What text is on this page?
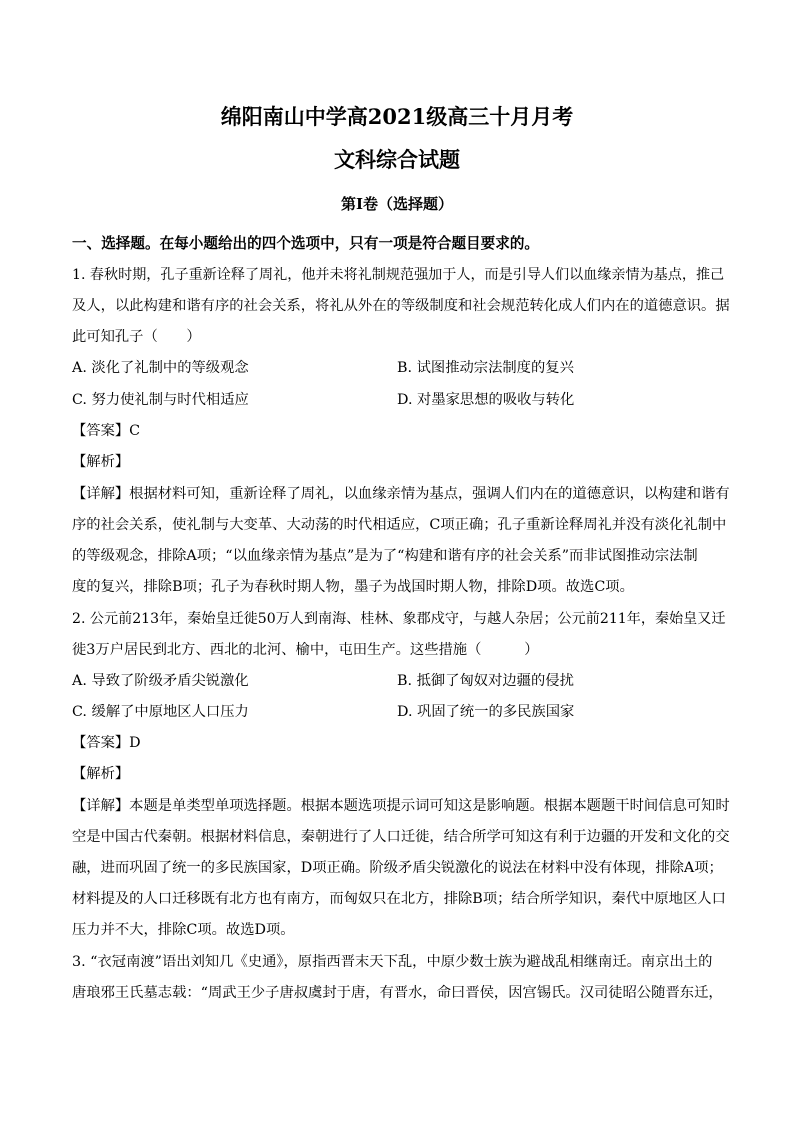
绵阳南山中学高2021级高三十月月考
文科综合试题
第Ⅰ卷（选择题）
一、选择题。在每小题给出的四个选项中，只有一项是符合题目要求的。
1. 春秋时期，孔子重新诠释了周礼，他并未将礼制规范强加于人，而是引导人们以血缘亲情为基点，推己
及人，以此构建和谐有序的社会关系，将礼从外在的等级制度和社会规范转化成人们内在的道德意识。据
此可知孔子（　　）
A. 淡化了礼制中的等级观念	B. 试图推动宗法制度的复兴
C. 努力使礼制与时代相适应	D. 对墨家思想的吸收与转化
【答案】C
【解析】
【详解】根据材料可知，重新诠释了周礼，以血缘亲情为基点，强调人们内在的道德意识，以构建和谐有
序的社会关系，使礼制与大变革、大动荡的时代相适应，C项正确；孔子重新诠释周礼并没有淡化礼制中
的等级观念，排除A项；“以血缘亲情为基点”是为了“构建和谐有序的社会关系”而非试图推动宗法制
度的复兴，排除B项；孔子为春秋时期人物，墨子为战国时期人物，排除D项。故选C项。
2. 公元前213年，秦始皇迁徙50万人到南海、桂林、象郡戍守，与越人杂居；公元前211年，秦始皇又迁
徙3万户居民到北方、西北的北河、榆中，屯田生产。这些措施（　　　）
A. 导致了阶级矛盾尖锐激化	B. 抵御了匈奴对边疆的侵扰
C. 缓解了中原地区人口压力	D. 巩固了统一的多民族国家
【答案】D
【解析】
【详解】本题是单类型单项选择题。根据本题选项提示词可知这是影响题。根据本题题干时间信息可知时
空是中国古代秦朝。根据材料信息，秦朝进行了人口迁徙，结合所学可知这有利于边疆的开发和文化的交
融，进而巩固了统一的多民族国家，D项正确。阶级矛盾尖锐激化的说法在材料中没有体现，排除A项；
材料提及的人口迁移既有北方也有南方，而匈奴只在北方，排除B项；结合所学知识，秦代中原地区人口
压力并不大，排除C项。故选D项。
3. “衣冠南渡”语出刘知几《史通》，原指西晋末天下乱，中原少数士族为避战乱相继南迁。南京出土的
唐琅邪王氏墓志载：“周武王少子唐叔虞封于唐，有晋水，命曰晋侯，因宫锡氏。汉司徒昭公随晋东迁，
